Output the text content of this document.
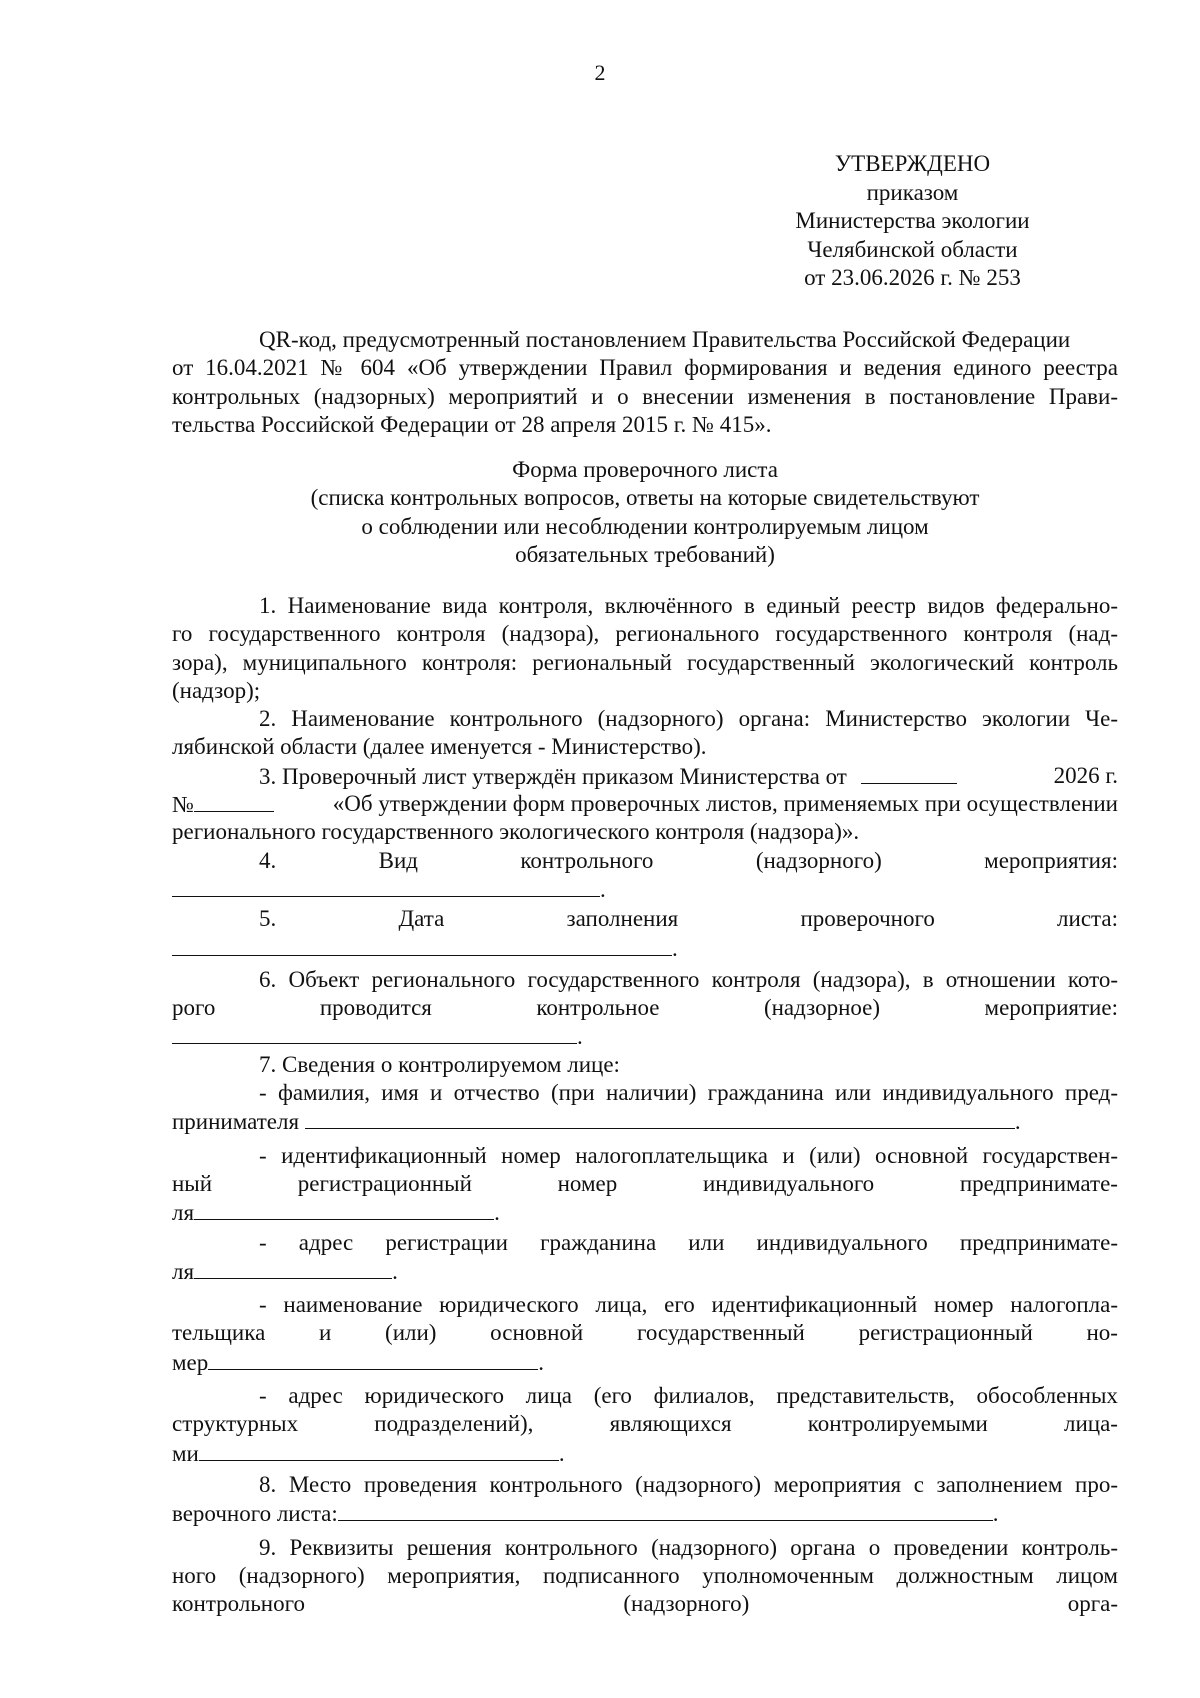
2
УТВЕРЖДЕНО
приказом
Министерства экологии
Челябинской области
от 23.06.2026 г. № 253
QR-код, предусмотренный постановлением Правительства Российской Федерации
от 16.04.2021 № 604 «Об утверждении Правил формирования и ведения единого реестра
контрольных (надзорных) мероприятий и о внесении изменения в постановление Прави-
тельства Российской Федерации от 28 апреля 2015 г. № 415».
Форма проверочного листа
(списка контрольных вопросов, ответы на которые свидетельствуют
о соблюдении или несоблюдении контролируемым лицом
обязательных требований)
1. Наименование вида контроля, включённого в единый реестр видов федерально-
го государственного контроля (надзора), регионального государственного контроля (над-
зора), муниципального контроля: региональный государственный экологический контроль
(надзор);
2. Наименование контрольного (надзорного) органа: Министерство экологии Че-
лябинской области (далее именуется - Министерство).
3. Проверочный лист утверждён приказом Министерства от	2026 г.
№	«Об утверждении форм проверочных листов, применяемых при осуществлении
регионального государственного экологического контроля (надзора)».
4.	Вид	контрольного	(надзорного)	мероприятия:
.
5.	Дата	заполнения	проверочного	листа:
.
6. Объект регионального государственного контроля (надзора), в отношении кото-
рого	проводится	контрольное	(надзорное)	мероприятие:
.
7. Сведения о контролируемом лице:
- фамилия, имя и отчество (при наличии) гражданина или индивидуального пред-
принимателя	.
- идентификационный номер налогоплательщика и (или) основной государствен-
ный	регистрационный	номер	индивидуального	предпринимате-
ля	.
- адрес регистрации гражданина или индивидуального предпринимате-
ля	.
- наименование юридического лица, его идентификационный номер налогопла-
тельщика и (или) основной государственный регистрационный но-
мер	.
- адрес юридического лица (его филиалов, представительств, обособленных
структурных	подразделений),	являющихся	контролируемыми	лица-
ми	.
8. Место проведения контрольного (надзорного) мероприятия с заполнением про-
верочного листа:	.
9. Реквизиты решения контрольного (надзорного) органа о проведении контроль-
ного (надзорного) мероприятия, подписанного уполномоченным должностным лицом
контрольного	(надзорного)	орга-
